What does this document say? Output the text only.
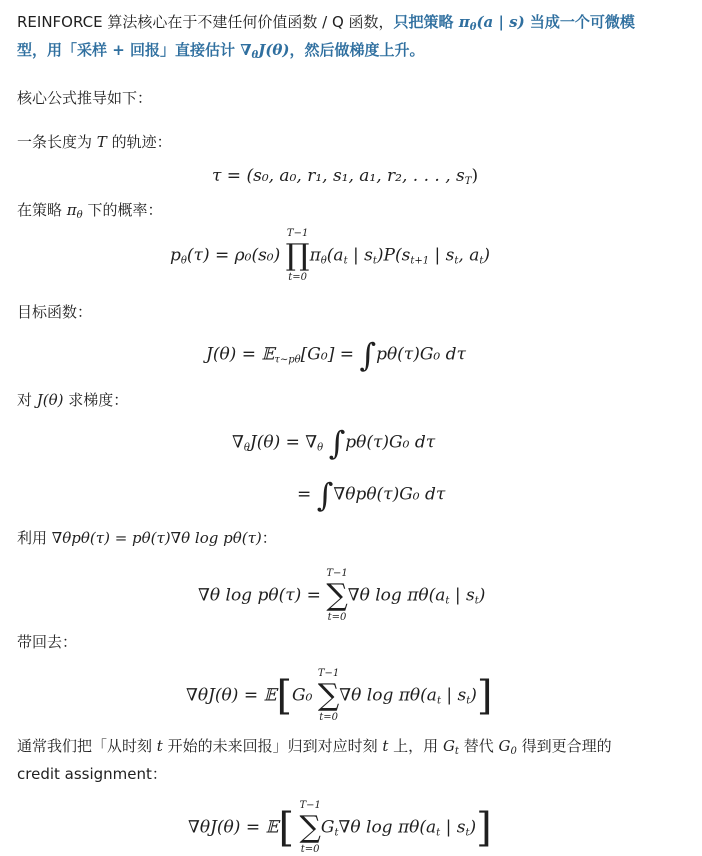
REINFORCE 算法核心在于不建任何价值函数 / Q 函数，只把策略 $\pi_\theta(a$ | s) 当成一个可微模
型，用「采样 + 回报」直接估计 $\nabla_\theta J(\theta)$，然后做梯度上升。
核心公式推导如下：
一条长度为 T 的轨迹：
τ = (s₀, a₀, r₁, s₁, a₁, r₂, . . . , $s_T$)
在策略 $\pi_\theta$ 下的概率：
$p_\theta(\tau) = \rho_0(s_0)$
T−1
∏
t=0
$\pi_\theta(a_t$ | $s_t)P(s_{t+1}$ | $s_t$, $a_t$)
目标函数：
J(θ) = 𝔼$_{\tau\sim p\theta}$[G₀] = ∫pθ(τ)G₀ dτ
对 J(θ) 求梯度：
$\nabla_\theta J(\theta) = \nabla_\theta$ ∫pθ(τ)G₀ dτ
= ∫∇θpθ(τ)G₀ dτ
利用 ∇θpθ(τ) = pθ(τ)∇θ log pθ(τ)：
∇θ log pθ(τ) =
T−1
∑
t=0
∇θ $\log \pi\theta(a_t$ | $s_t$)
带回去：
∇θJ(θ) = 𝔼[G₀
T−1
∑
t=0
∇θ $\log \pi\theta(a_t$ | $s_t$)]
通常我们把「从时刻 t 开始的未来回报」归到对应时刻 t 上，用 $G_t$ 替代 $G_0$ 得到更合理的
credit assignment：
∇θJ(θ) = 𝔼[ T−1
∑
t=0
$G_t\nabla\theta$ $\log \pi\theta(a_t$ | $s_t$)]
